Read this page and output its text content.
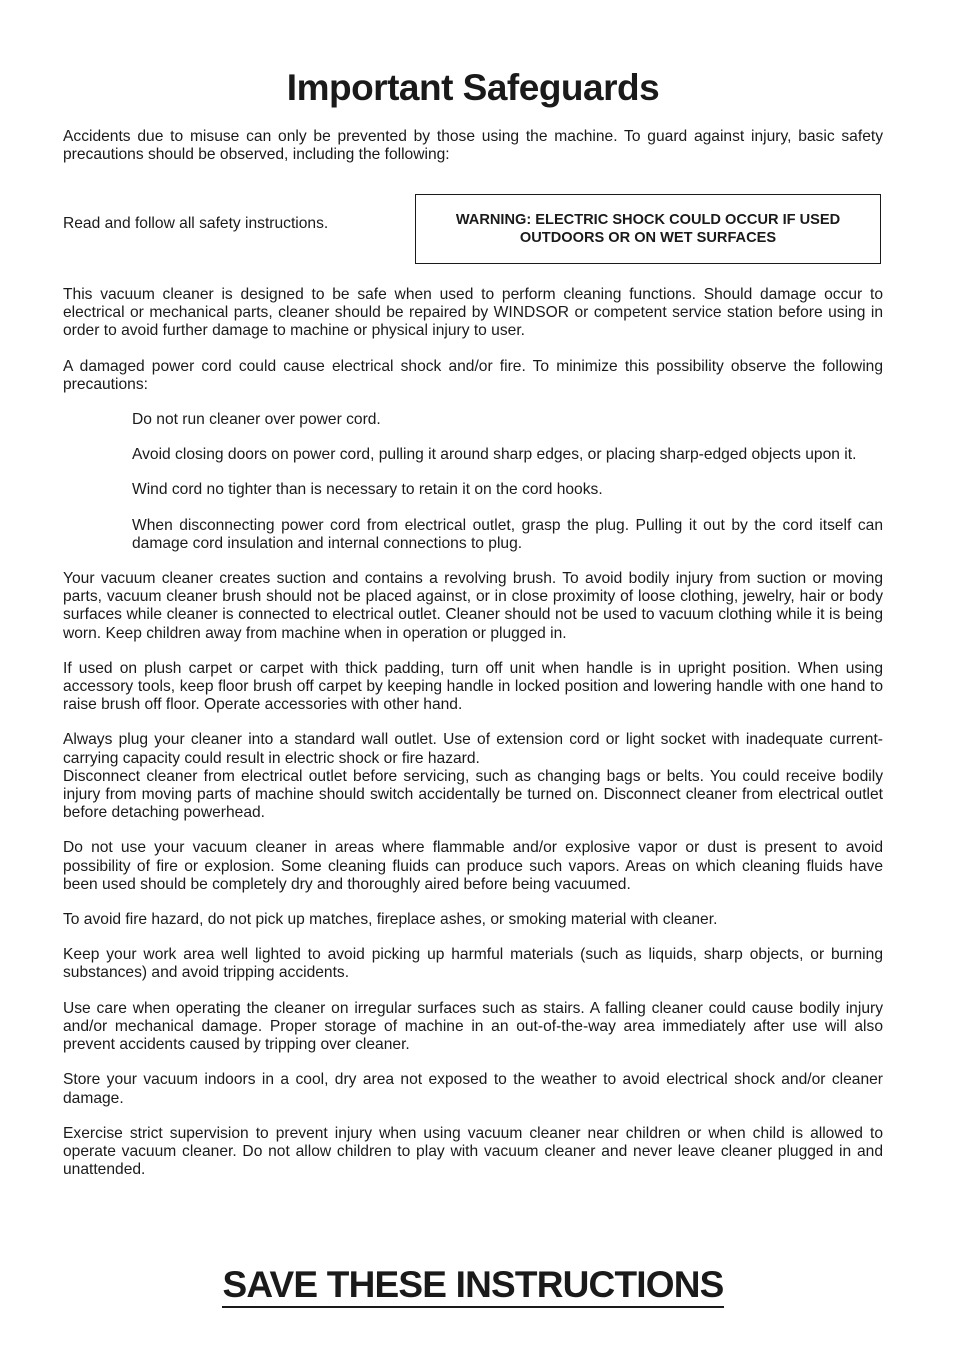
Important Safeguards

Accidents due to misuse can only be prevented by those using the machine. To guard against injury, basic safety precautions should be observed, including the following:

Read and follow all safety instructions.	WARNING: ELECTRIC SHOCK COULD OCCUR IF USED OUTDOORS OR ON WET SURFACES

This vacuum cleaner is designed to be safe when used to perform cleaning functions. Should damage occur to electrical or mechanical parts, cleaner should be repaired by WINDSOR or competent service station before using in order to avoid further damage to machine or physical injury to user.

A damaged power cord could cause electrical shock and/or fire. To minimize this possibility observe the following precautions:

Do not run cleaner over power cord.

Avoid closing doors on power cord, pulling it around sharp edges, or placing sharp-edged objects upon it.

Wind cord no tighter than is necessary to retain it on the cord hooks.

When disconnecting power cord from electrical outlet, grasp the plug. Pulling it out by the cord itself can damage cord insulation and internal connections to plug.

Your vacuum cleaner creates suction and contains a revolving brush. To avoid bodily injury from suction or moving parts, vacuum cleaner brush should not be placed against, or in close proximity of loose clothing, jewelry, hair or body surfaces while cleaner is connected to electrical outlet. Cleaner should not be used to vacuum clothing while it is being worn. Keep children away from machine when in operation or plugged in.

If used on plush carpet or carpet with thick padding, turn off unit when handle is in upright position. When using accessory tools, keep floor brush off carpet by keeping handle in locked position and lowering handle with one hand to raise brush off floor. Operate accessories with other hand.

Always plug your cleaner into a standard wall outlet. Use of extension cord or light socket with inadequate current-carrying capacity could result in electric shock or fire hazard.

Disconnect cleaner from electrical outlet before servicing, such as changing bags or belts. You could receive bodily injury from moving parts of machine should switch accidentally be turned on. Disconnect cleaner from electrical outlet before detaching powerhead.

Do not use your vacuum cleaner in areas where flammable and/or explosive vapor or dust is present to avoid possibility of fire or explosion. Some cleaning fluids can produce such vapors. Areas on which cleaning fluids have been used should be completely dry and thoroughly aired before being vacuumed.

To avoid fire hazard, do not pick up matches, fireplace ashes, or smoking material with cleaner.

Keep your work area well lighted to avoid picking up harmful materials (such as liquids, sharp objects, or burning substances) and avoid tripping accidents.

Use care when operating the cleaner on irregular surfaces such as stairs. A falling cleaner could cause bodily injury and/or mechanical damage. Proper storage of machine in an out-of-the-way area immediately after use will also prevent accidents caused by tripping over cleaner.

Store your vacuum indoors in a cool, dry area not exposed to the weather to avoid electrical shock and/or cleaner damage.

Exercise strict supervision to prevent injury when using vacuum cleaner near children or when child is allowed to operate vacuum cleaner. Do not allow children to play with vacuum cleaner and never leave cleaner plugged in and unattended.

SAVE THESE INSTRUCTIONS
